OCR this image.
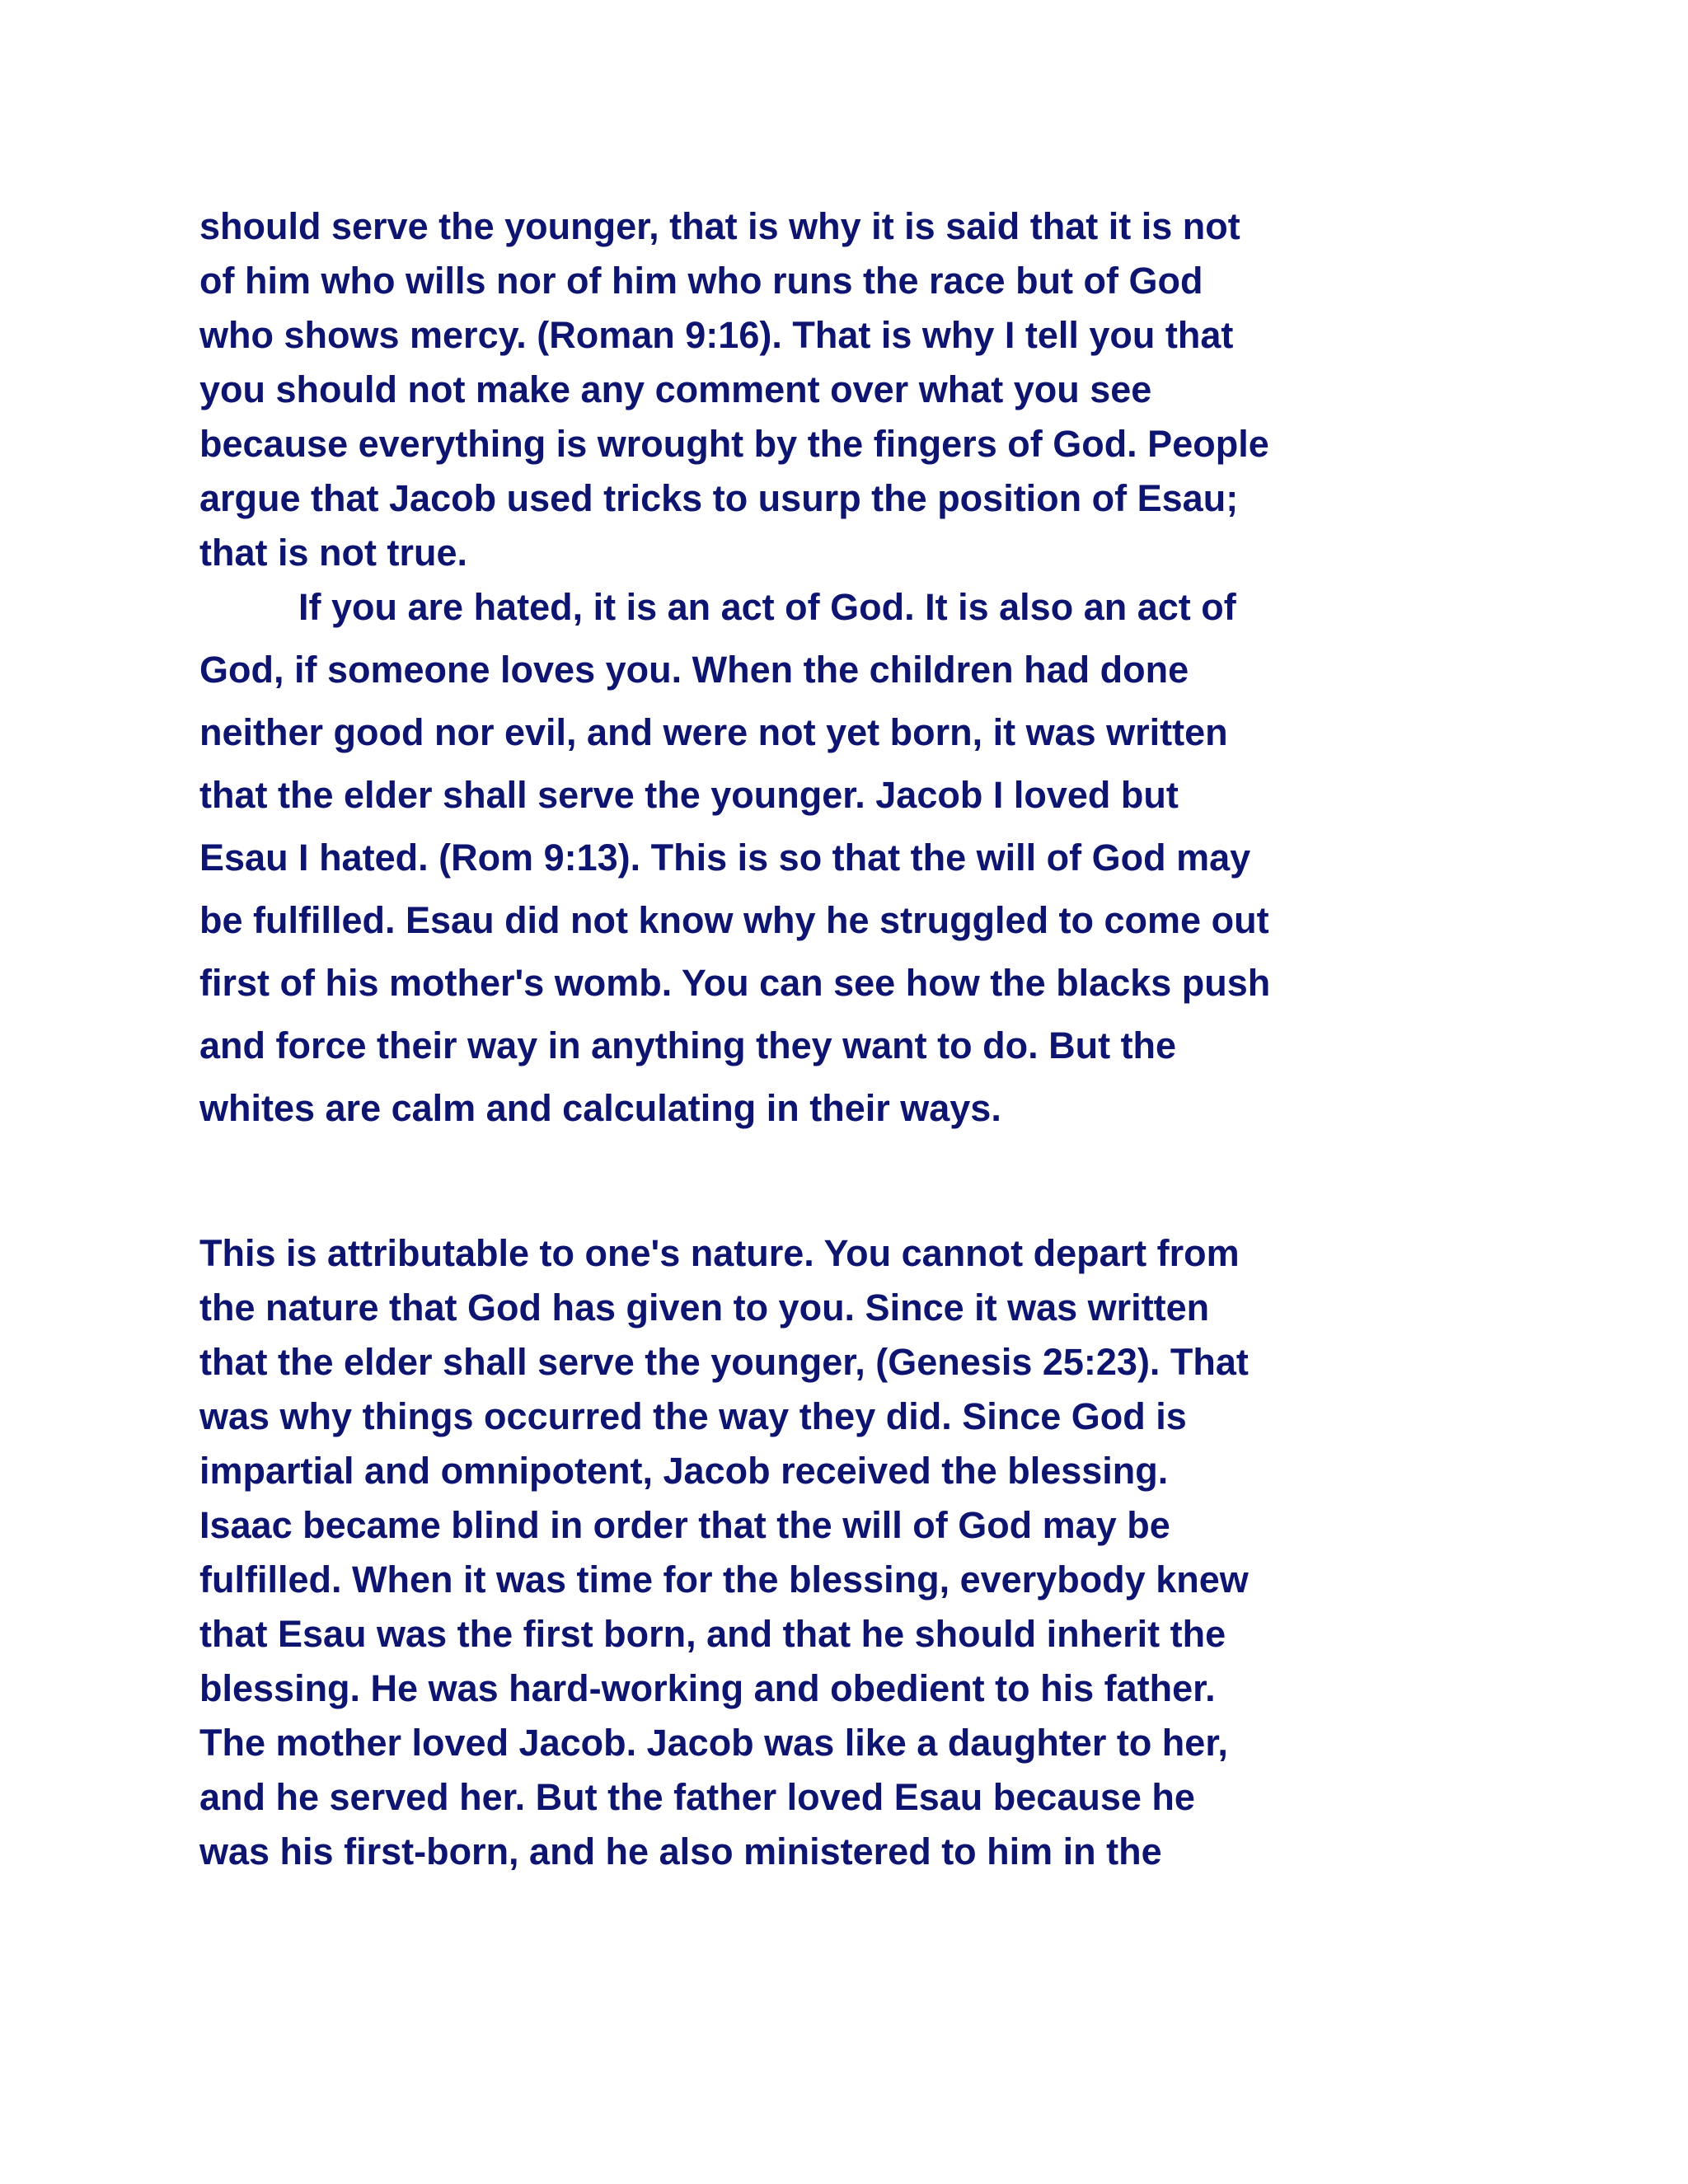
should serve the younger, that is why it is said that it is not
of him who wills nor of him who runs the race but of God
who shows mercy. (Roman 9:16). That is why I tell you that
you should not make any comment over what you see
because everything is wrought by the fingers of God. People
argue that Jacob used tricks to usurp the position of Esau;
that is not true.
If you are hated, it is an act of God. It is also an act of
God, if someone loves you. When the children had done
neither good nor evil, and were not yet born, it was written
that the elder shall serve the younger. Jacob I loved but
Esau I hated. (Rom 9:13). This is so that the will of God may
be fulfilled. Esau did not know why he struggled to come out
first of his mother's womb. You can see how the blacks push
and force their way in anything they want to do. But the
whites are calm and calculating in their ways.
This is attributable to one's nature. You cannot depart from
the nature that God has given to you. Since it was written
that the elder shall serve the younger, (Genesis 25:23). That
was why things occurred the way they did. Since God is
impartial and omnipotent, Jacob received the blessing.
Isaac became blind in order that the will of God may be
fulfilled. When it was time for the blessing, everybody knew
that Esau was the first born, and that he should inherit the
blessing. He was hard-working and obedient to his father.
The mother loved Jacob. Jacob was like a daughter to her,
and he served her. But the father loved Esau because he
was his first-born, and he also ministered to him in the
